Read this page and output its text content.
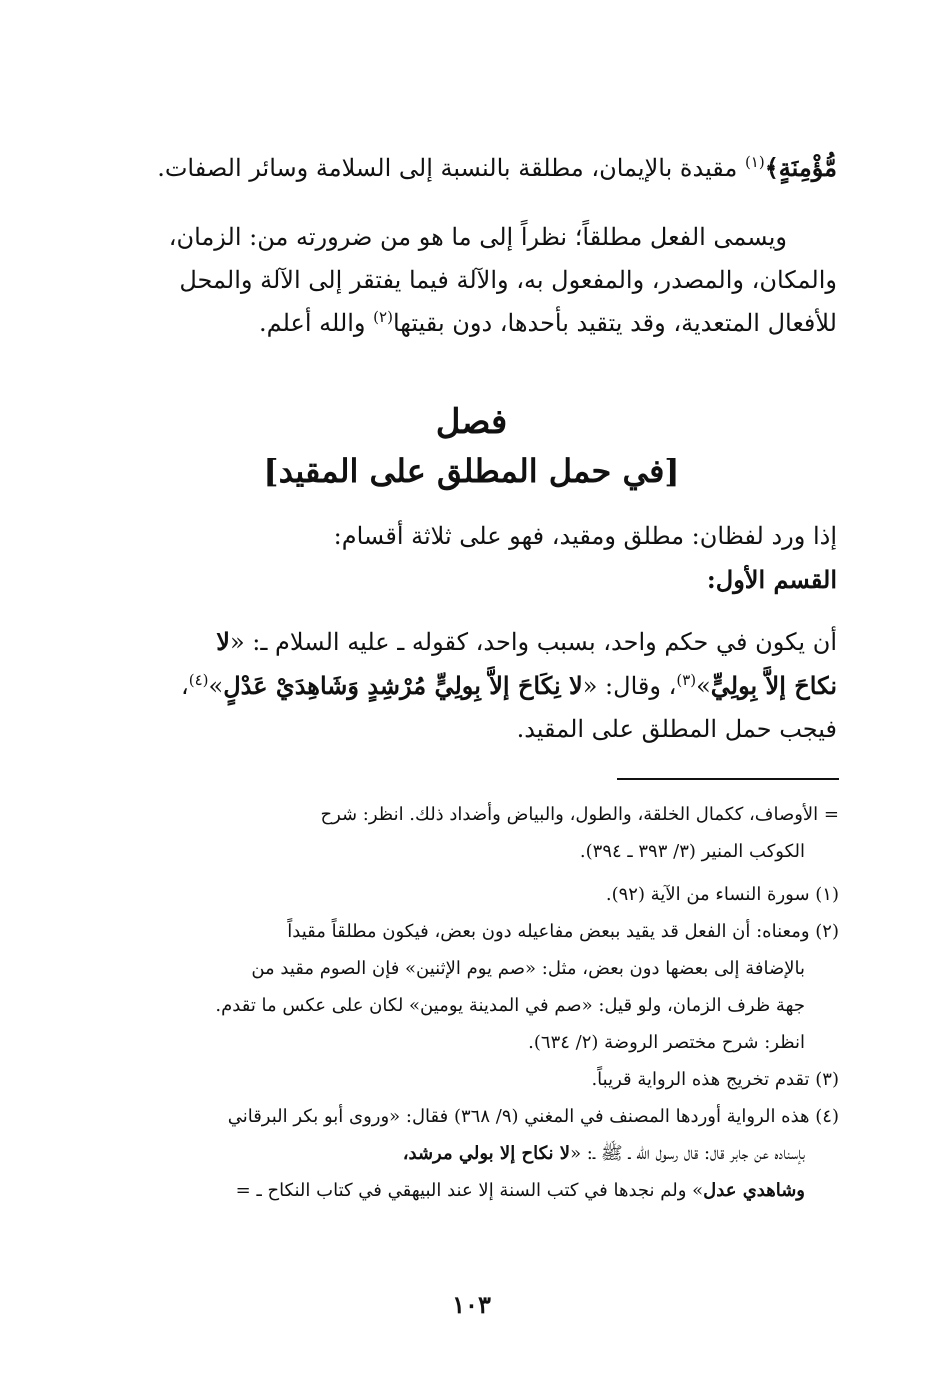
مُّؤْمِنَةٍ﴾$^{(١)}$ مقيدة بالإيمان، مطلقة بالنسبة إلى السلامة وسائر الصفات.
ويسمى الفعل مطلقاً؛ نظراً إلى ما هو من ضرورته من: الزمان،
والمكان، والمصدر، والمفعول به، والآلة فيما يفتقر إلى الآلة والمحل
للأفعال المتعدية، وقد يتقيد بأحدها، دون بقيتها$^{(٢)}$ والله أعلم.
فصل
[في حمل المطلق على المقيد]
إذا ورد لفظان: مطلق ومقيد، فهو على ثلاثة أقسام:
القسم الأول:
أن يكون في حكم واحد، بسبب واحد، كقوله ـ عليه السلام ـ: «لا
نكاحَ إلاَّ بِولِيٍّ»$^{(٣)}$، وقال: «لا نِكَاحَ إلاَّ بِولِيٍّ مُرْشِدٍ وَشَاهِدَيْ عَدْلٍ»$^{(٤)}$،
فيجب حمل المطلق على المقيد.
= الأوصاف، ككمال الخلقة، والطول، والبياض وأضداد ذلك. انظر: شرح
الكوكب المنير (٣/ ٣٩٣ ـ ٣٩٤).
(١) سورة النساء من الآية (٩٢).
(٢) ومعناه: أن الفعل قد يقيد ببعض مفاعيله دون بعض، فيكون مطلقاً مقيداً
بالإضافة إلى بعضها دون بعض، مثل: «صم يوم الإثنين» فإن الصوم مقيد من
جهة ظرف الزمان، ولو قيل: «صم في المدينة يومين» لكان على عكس ما تقدم.
انظر: شرح مختصر الروضة (٢/ ٦٣٤).
(٣) تقدم تخريج هذه الرواية قريباً.
(٤) هذه الرواية أوردها المصنف في المغني (٩/ ٣٦٨) فقال: «وروى أبو بكر البرقاني
بإسناده عن جابر قال: قال رسول الله ـ ﷺ ـ: «لا نكاح إلا بولي مرشد،
وشاهدي عدل» ولم نجدها في كتب السنة إلا عند البيهقي في كتاب النكاح ـ =
١٠٣
